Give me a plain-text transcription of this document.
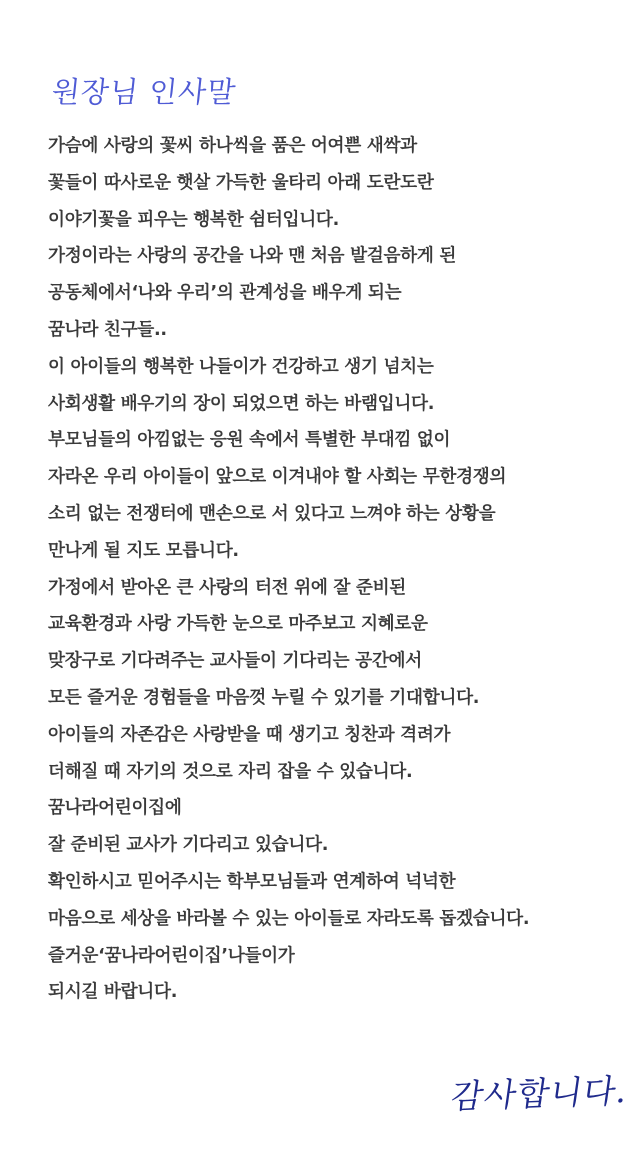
원장님 인사말
가슴에 사랑의 꽃씨 하나씩을 품은 어여쁜 새싹과
꽃들이 따사로운 햇살 가득한 울타리 아래 도란도란
이야기꽃을 피우는 행복한 쉼터입니다.
가정이라는 사랑의 공간을 나와 맨 처음 발걸음하게 된
공동체에서‘나와 우리’의 관계성을 배우게 되는
꿈나라 친구들..
이 아이들의 행복한 나들이가 건강하고 생기 넘치는
사회생활 배우기의 장이 되었으면 하는 바램입니다.
부모님들의 아낌없는 응원 속에서 특별한 부대낌 없이
자라온 우리 아이들이 앞으로 이겨내야 할 사회는 무한경쟁의
소리 없는 전쟁터에 맨손으로 서 있다고 느껴야 하는 상황을
만나게 될 지도 모릅니다.
가정에서 받아온 큰 사랑의 터전 위에 잘 준비된
교육환경과 사랑 가득한 눈으로 마주보고 지혜로운
맞장구로 기다려주는 교사들이 기다리는 공간에서
모든 즐거운 경험들을 마음껏 누릴 수 있기를 기대합니다.
아이들의 자존감은 사랑받을 때 생기고 칭찬과 격려가
더해질 때 자기의 것으로 자리 잡을 수 있습니다.
꿈나라어린이집에
잘 준비된 교사가 기다리고 있습니다.
확인하시고 믿어주시는 학부모님들과 연계하여 넉넉한
마음으로 세상을 바라볼 수 있는 아이들로 자라도록 돕겠습니다.
즐거운‘꿈나라어린이집’나들이가
되시길 바랍니다.
감사합니다.
